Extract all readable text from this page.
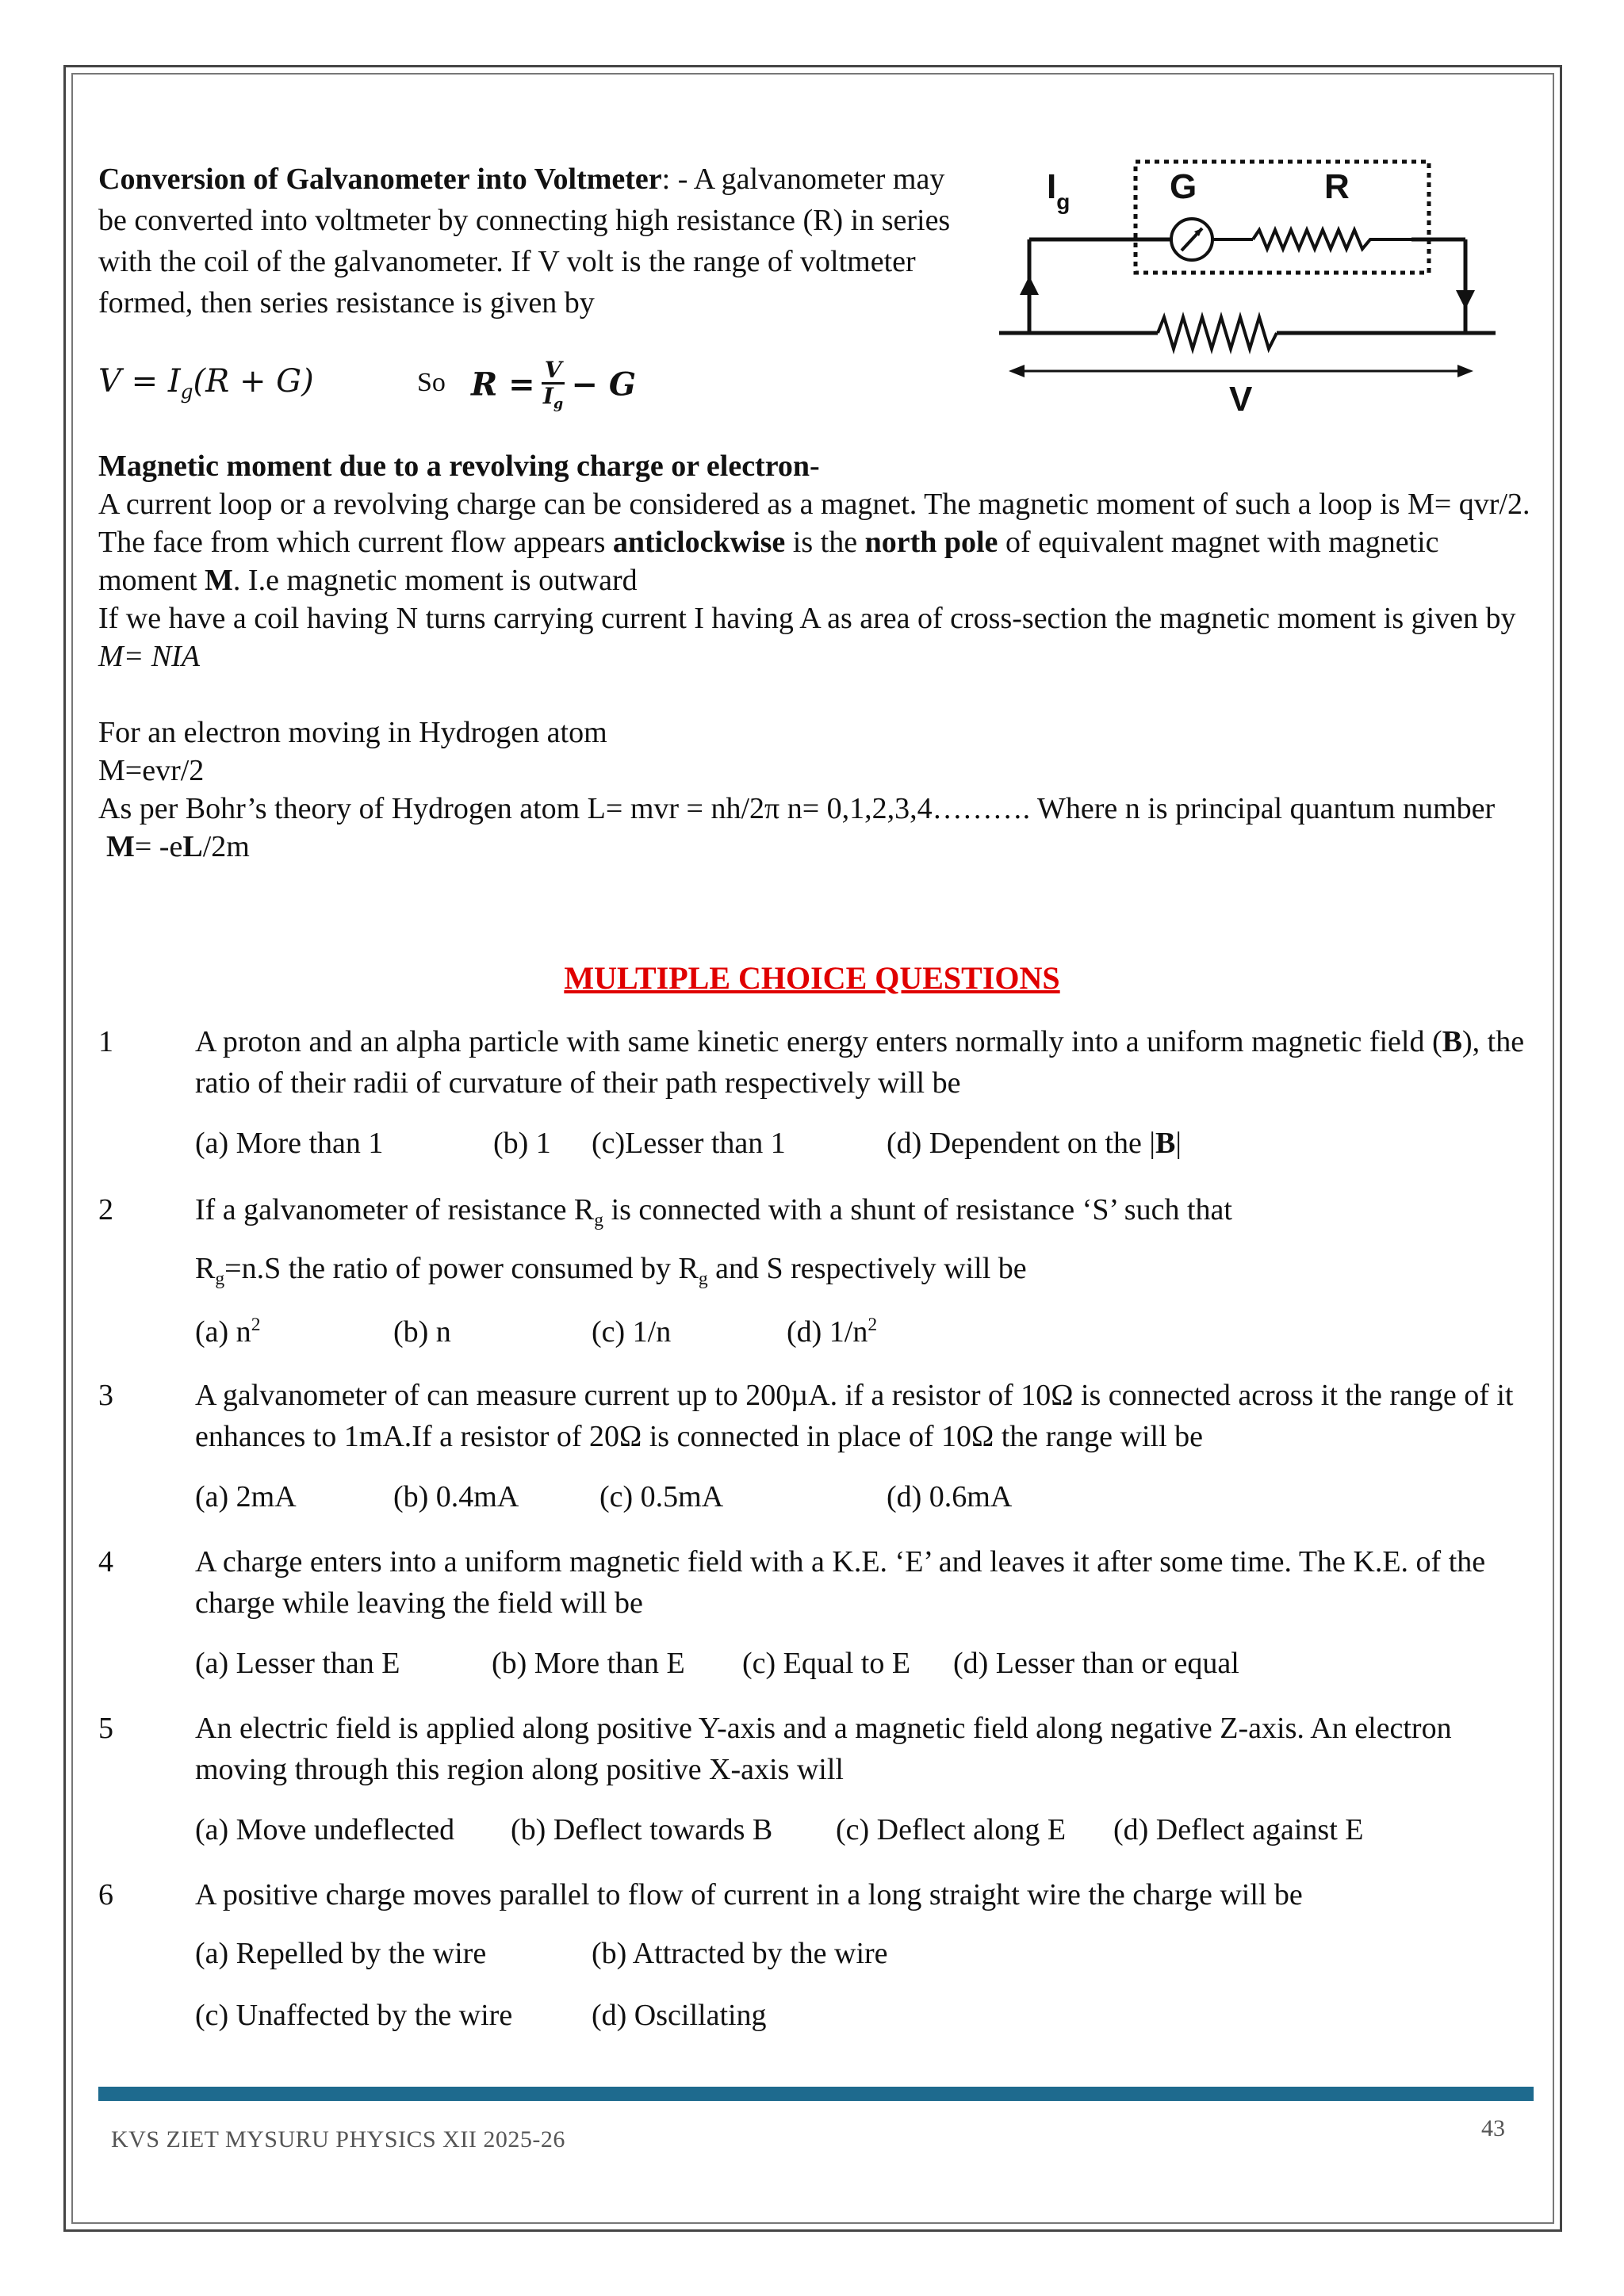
Conversion of Galvanometer into Voltmeter: - A galvanometer may be converted into voltmeter by connecting high resistance (R) in series with the coil of the galvanometer. If V volt is the range of voltmeter formed, then series resistance is given by
$V = I_g(R + G)$	So $R = \frac{V}{I_g} - G$
$I_g$	G	R
V
Magnetic moment due to a revolving charge or electron-
A current loop or a revolving charge can be considered as a magnet. The magnetic moment of such a loop is M= qvr/2.
The face from which current flow appears anticlockwise is the north pole of equivalent magnet with magnetic moment M. I.e magnetic moment is outward
If we have a coil having N turns carrying current I having A as area of cross-section the magnetic moment is given by M= NIA
For an electron moving in Hydrogen atom
M=evr/2
As per Bohr’s theory of Hydrogen atom L= mvr = nh/2π n= 0,1,2,3,4………. Where n is principal quantum number
M= -eL/2m
MULTIPLE CHOICE QUESTIONS
1	A proton and an alpha particle with same kinetic energy enters normally into a uniform magnetic field (B), the ratio of their radii of curvature of their path respectively will be
(a) More than 1	(b) 1 (c)Lesser than 1	(d) Dependent on the |B|
2	If a galvanometer of resistance $R_g$ is connected with a shunt of resistance ‘S’ such that
$R_g=n.S$ the ratio of power consumed by $R_g$ and S respectively will be
(a) $n^2$	(b) n	(c) 1/n	(d) $1/n^2$
3	A galvanometer of can measure current up to 200µA. if a resistor of 10Ω is connected across it the range of it enhances to 1mA.If a resistor of 20Ω is connected in place of 10Ω the range will be
(a) 2mA	(b) 0.4mA	(c) 0.5mA	(d) 0.6mA
4	A charge enters into a uniform magnetic field with a K.E. ‘E’ and leaves it after some time. The K.E. of the charge while leaving the field will be
(a) Lesser than E	(b) More than E (c) Equal to E (d) Lesser than or equal
5	An electric field is applied along positive Y-axis and a magnetic field along negative Z-axis. An electron moving through this region along positive X-axis will
(a) Move undeflected (b) Deflect towards B (c) Deflect along E (d) Deflect against E
6	A positive charge moves parallel to flow of current in a long straight wire the charge will be
(a) Repelled by the wire	(b) Attracted by the wire
(c) Unaffected by the wire	(d) Oscillating
KVS ZIET MYSURU PHYSICS XII 2025-26	43
